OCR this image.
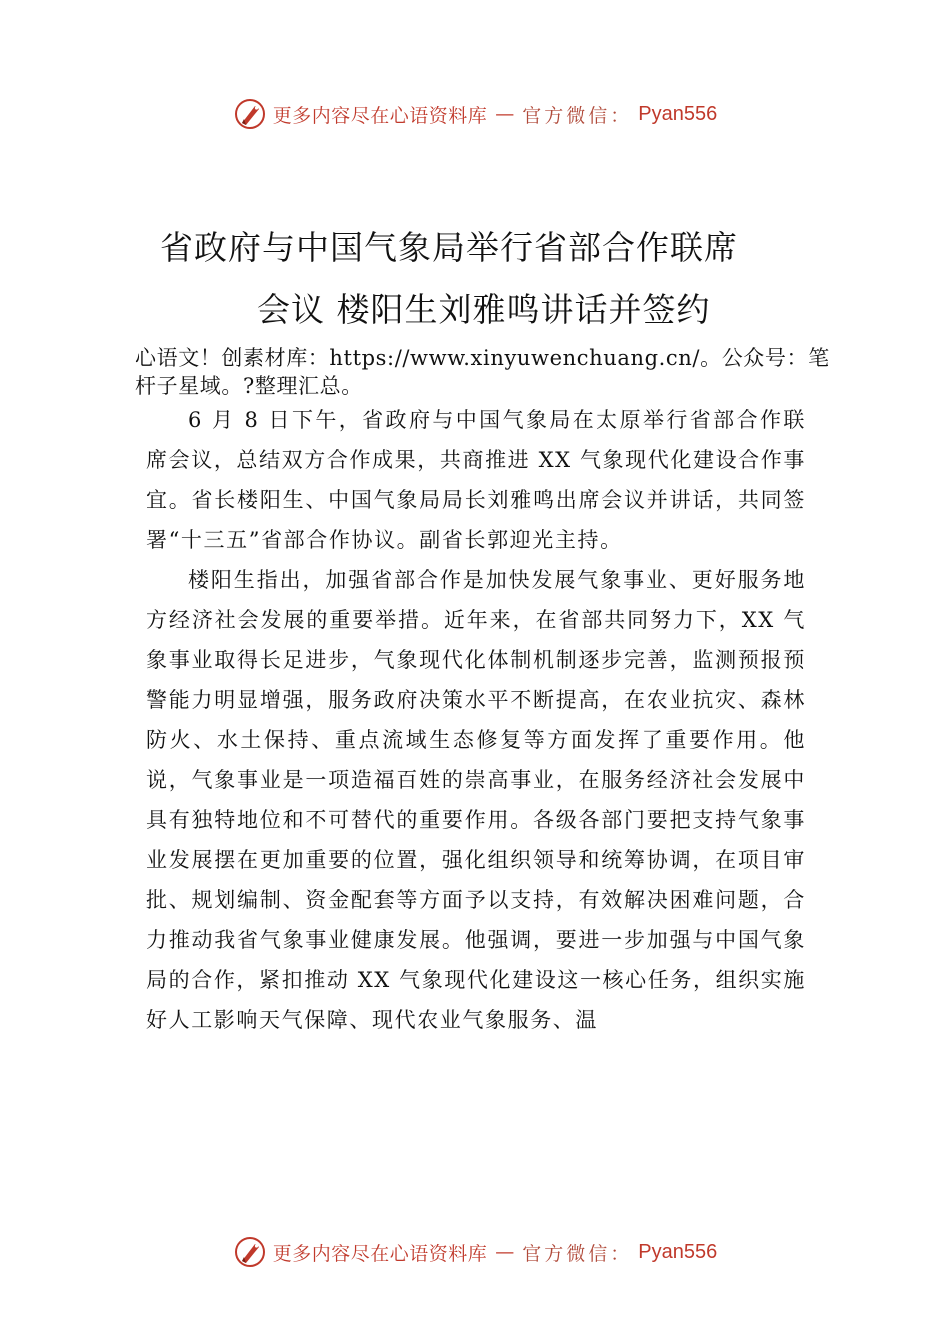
更多内容尽在心语资料库 — 官方微信： Pyan556
省政府与中国气象局举行省部合作联席
会议 楼阳生刘雅鸣讲话并签约
心语文！创素材库：https://www.xinyuwenchuang.cn/。公众号：笔杆子星域。?整理汇总。

6 月 8 日下午，省政府与中国气象局在太原举行省部合作联席会议，总结双方合作成果，共商推进 XX 气象现代化建设合作事宜。省长楼阳生、中国气象局局长刘雅鸣出席会议并讲话，共同签署“十三五”省部合作协议。副省长郭迎光主持。

楼阳生指出，加强省部合作是加快发展气象事业、更好服务地方经济社会发展的重要举措。近年来，在省部共同努力下，XX 气象事业取得长足进步，气象现代化体制机制逐步完善，监测预报预警能力明显增强，服务政府决策水平不断提高，在农业抗灾、森林防火、水土保持、重点流域生态修复等方面发挥了重要作用。他说，气象事业是一项造福百姓的崇高事业，在服务经济社会发展中具有独特地位和不可替代的重要作用。各级各部门要把支持气象事业发展摆在更加重要的位置，强化组织领导和统筹协调，在项目审批、规划编制、资金配套等方面予以支持，有效解决困难问题，合力推动我省气象事业健康发展。他强调，要进一步加强与中国气象局的合作，紧扣推动 XX 气象现代化建设这一核心任务，组织实施好人工影响天气保障、现代农业气象服务、温

更多内容尽在心语资料库 — 官方微信： Pyan556
